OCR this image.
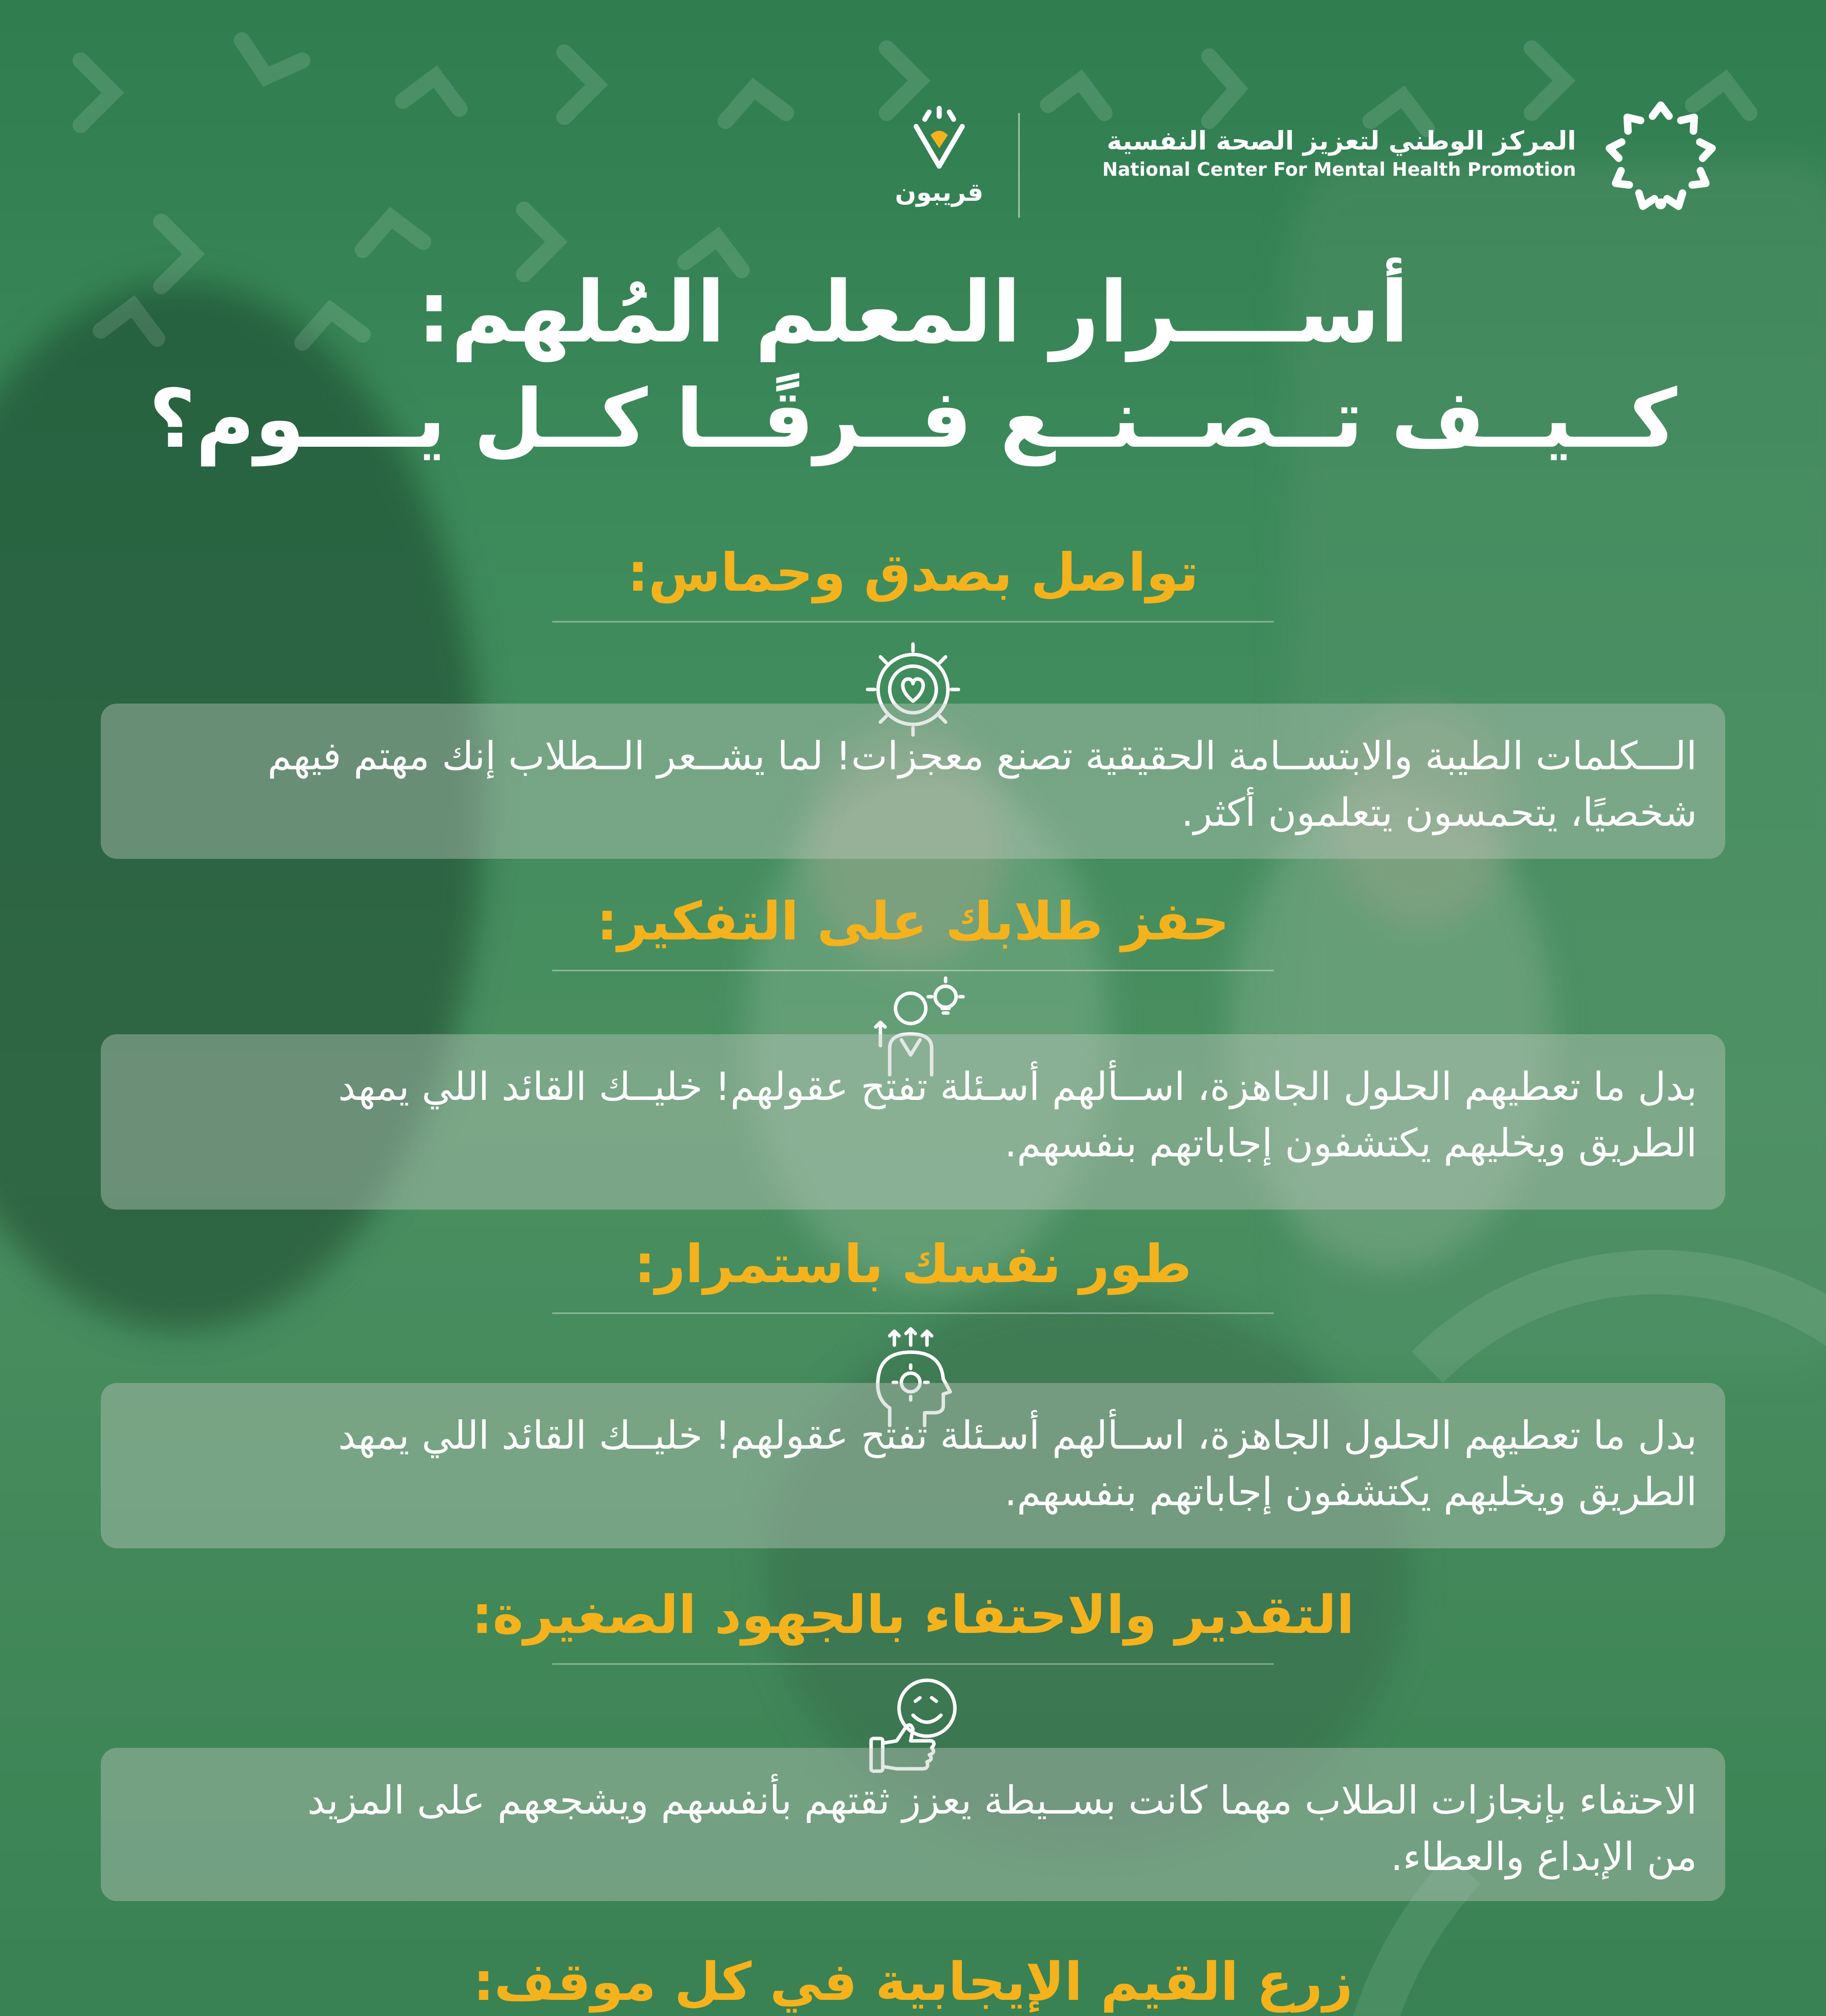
المركز الوطني لتعزيز الصحة النفسية
National Center For Mental Health Promotion
قريبون
أســــرار المعلم المُلهم:
كــيــف تــصــنــع فــرقًــا كــل يــــوم؟
تواصل بصدق وحماس:

الـــكلمات الطيبة والابتســامة الحقيقية تصنع معجزات! لما يشــعر الــطلاب إنك مهتم فيهم

شخصيًا، يتحمسون يتعلمون أكثر.

حفز طلابك على التفكير:

بدل ما تعطيهم الحلول الجاهزة، اســألهم أسـئلة تفتح عقولهم! خليــك القائد اللي يمهد

الطريق ويخليهم يكتشفون إجاباتهم بنفسهم.

طور نفسك باستمرار:

بدل ما تعطيهم الحلول الجاهزة، اســألهم أسـئلة تفتح عقولهم! خليــك القائد اللي يمهد

الطريق ويخليهم يكتشفون إجاباتهم بنفسهم.

التقدير والاحتفاء بالجهود الصغيرة:

الاحتفاء بإنجازات الطلاب مهما كانت بســيطة يعزز ثقتهم بأنفسهم ويشجعهم على المزيد

من الإبداع والعطاء.

زرع القيم الإيجابية في كل موقف:
